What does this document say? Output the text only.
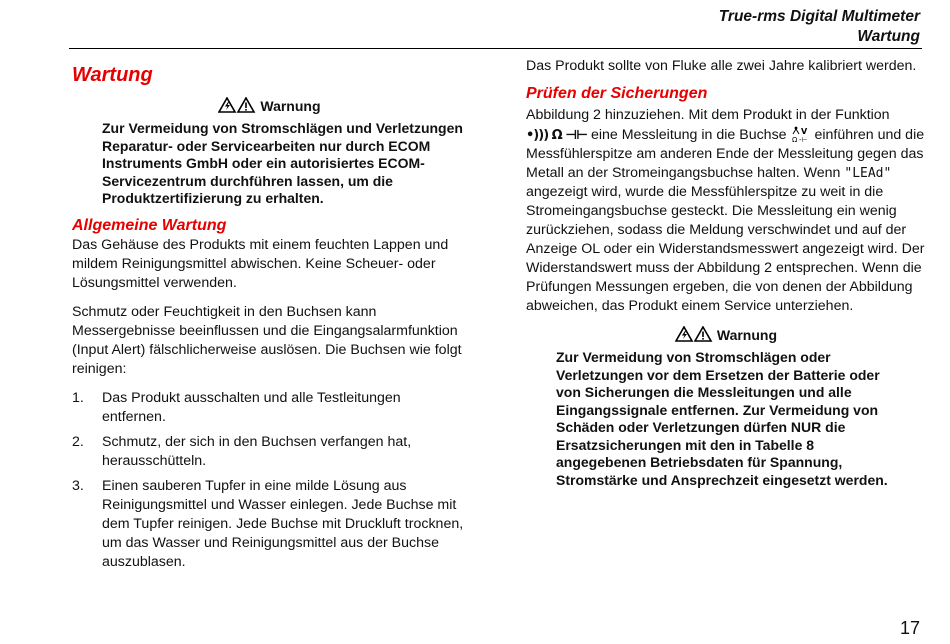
True-rms Digital Multimeter
Wartung
Wartung
Warnung
Zur Vermeidung von Stromschlägen und Verletzungen Reparatur- oder Servicearbeiten nur durch ECOM Instruments GmbH oder ein autorisiertes ECOM-Servicezentrum durchführen lassen, um die Produktzertifizierung zu erhalten.
Allgemeine Wartung

Das Gehäuse des Produkts mit einem feuchten Lappen und mildem Reinigungsmittel abwischen. Keine Scheuer- oder Lösungsmittel verwenden.

Schmutz oder Feuchtigkeit in den Buchsen kann Messergebnisse beeinflussen und die Eingangsalarmfunktion (Input Alert) fälschlicherweise auslösen. Die Buchsen wie folgt reinigen:

1. Das Produkt ausschalten und alle Testleitungen entfernen.
2. Schmutz, der sich in den Buchsen verfangen hat, herausschütteln.
3. Einen sauberen Tupfer in eine milde Lösung aus Reinigungsmittel und Wasser einlegen. Jede Buchse mit dem Tupfer reinigen. Jede Buchse mit Druckluft trocknen, um das Wasser und Reinigungsmittel aus der Buchse auszublasen.

Das Produkt sollte von Fluke alle zwei Jahre kalibriert werden.

Prüfen der Sicherungen

Abbildung 2 hinzuziehen. Mit dem Produkt in der Funktion
•))) Ω ⊣⊢ eine Messleitung in die Buchse V
Ω -⊢ einführen und die Messfühlerspitze am anderen Ende der Messleitung gegen das Metall an der Stromeingangsbuchse halten. Wenn "LEAd" angezeigt wird, wurde die Messfühlerspitze zu weit in die Stromeingangsbuchse gesteckt. Die Messleitung ein wenig zurückziehen, sodass die Meldung verschwindet und auf der Anzeige OL oder ein Widerstandsmesswert angezeigt wird. Der Widerstandswert muss der Abbildung 2 entsprechen. Wenn die Prüfungen Messungen ergeben, die von denen der Abbildung abweichen, das Produkt einem Service unterziehen.

Warnung
Zur Vermeidung von Stromschlägen oder Verletzungen vor dem Ersetzen der Batterie oder von Sicherungen die Messleitungen und alle Eingangssignale entfernen. Zur Vermeidung von Schäden oder Verletzungen dürfen NUR die Ersatzsicherungen mit den in Tabelle 8 angegebenen Betriebsdaten für Spannung, Stromstärke und Ansprechzeit eingesetzt werden.
17
